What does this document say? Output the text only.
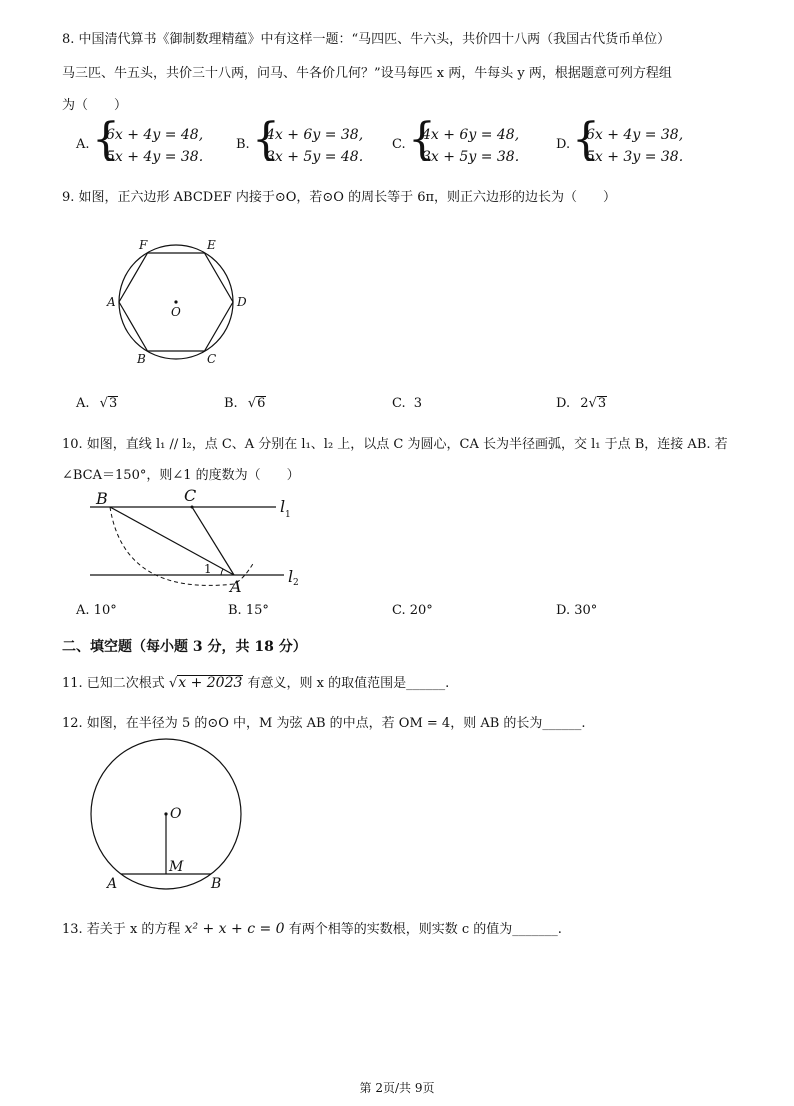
8. 中国清代算书《御制数理精蕴》中有这样一题：“马四匹、牛六头，共价四十八两（我国古代货币单位）
马三匹、牛五头，共价三十八两，问马、牛各价几何？”设马每匹 x 两，牛每头 y 两，根据题意可列方程组
为（　　）
A. {
6x + 4y = 48,
5x + 4y = 38.
B. {
4x + 6y = 38,
3x + 5y = 48.
C. {
4x + 6y = 48,
3x + 5y = 38.
D. {
6x + 4y = 38,
5x + 3y = 38.
9. 如图，正六边形 ABCDEF 内接于⊙O，若⊙O 的周长等于 6π，则正六边形的边长为（　　）
A
B	C
D
E
F
O
A. √3	B. √6	C. 3	D. 2√3
10. 如图，直线 l₁ // l₂，点 C、A 分别在 l₁、l₂ 上，以点 C 为圆心，CA 长为半径画弧，交 l₁ 于点 B，连接 AB. 若
∠BCA＝150°，则∠1 的度数为（　　）
B	C
A
l
l
1
2
1
A. 10°	B. 15°	C. 20°	D. 30°
二、填空题（每小题 3 分，共 18 分）
11. 已知二次根式 √x + 2023 有意义，则 x 的取值范围是______.
12. 如图，在半径为 5 的⊙O 中，M 为弦 AB 的中点，若 OM = 4，则 AB 的长为______.
O
M
A	B
13. 若关于 x 的方程 x² + x + c = 0 有两个相等的实数根，则实数 c 的值为_______.
第 2页/共 9页
